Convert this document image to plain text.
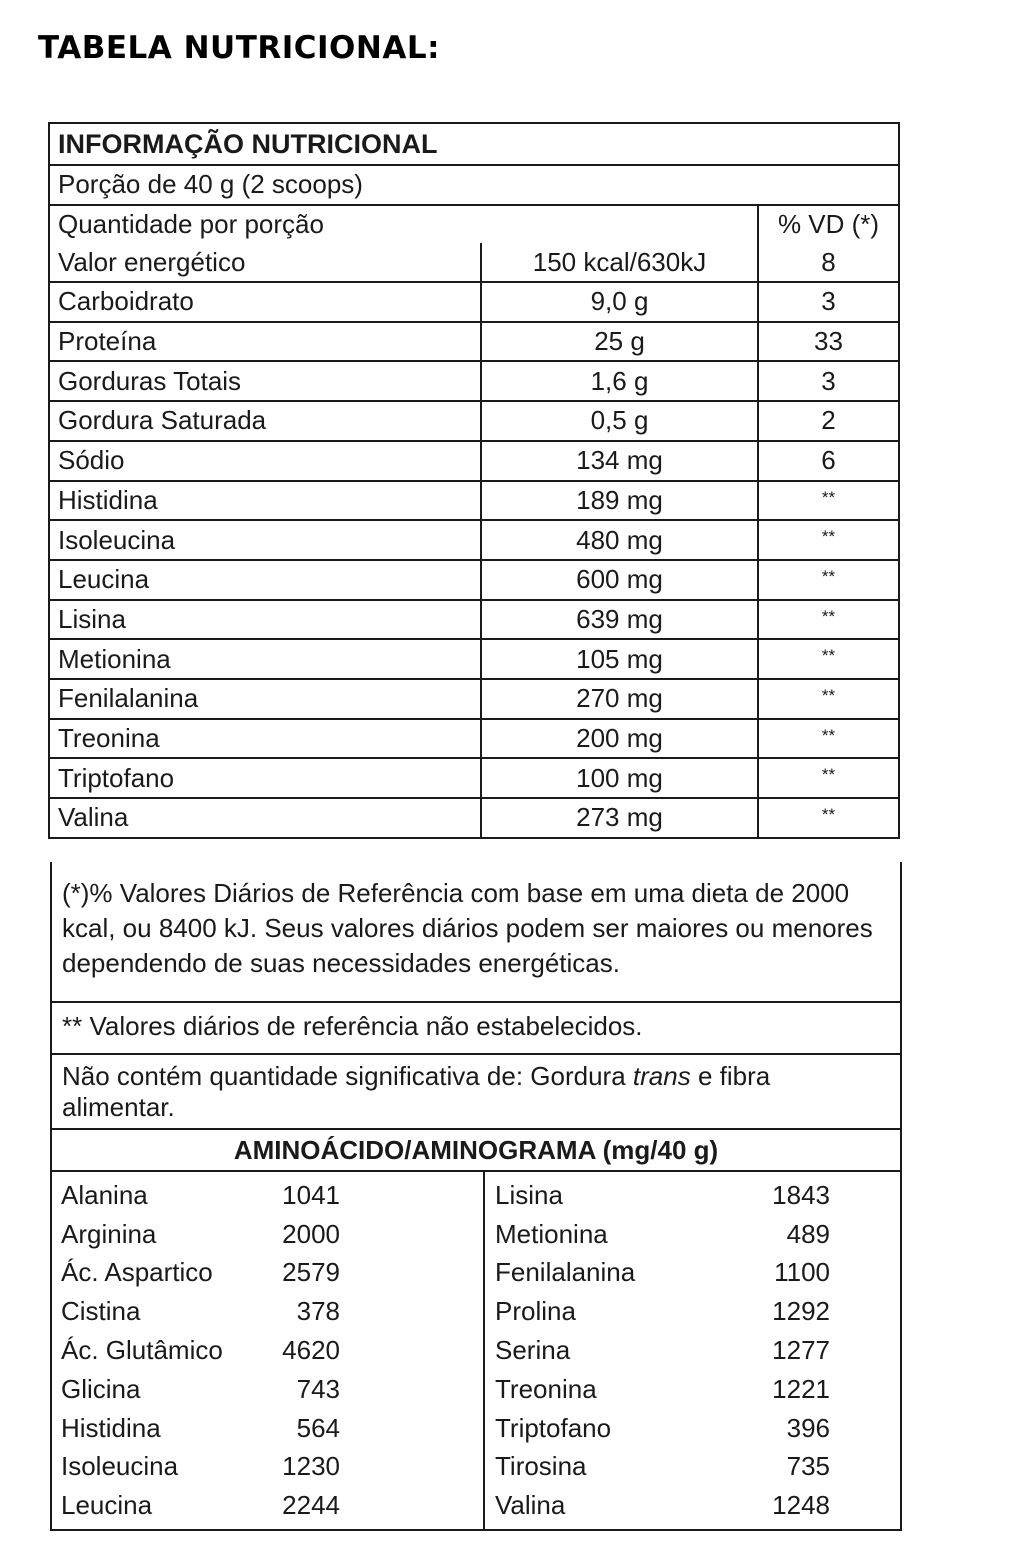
TABELA NUTRICIONAL:
INFORMAÇÃO NUTRICIONAL
Porção de 40 g (2 scoops)
Quantidade por porção	% VD (*)
Valor energético	150 kcal/630kJ	8
Carboidrato	9,0 g	3
Proteína	25 g	33
Gorduras Totais	1,6 g	3
Gordura Saturada	0,5 g	2
Sódio	134 mg	6
Histidina	189 mg	**
Isoleucina	480 mg	**
Leucina	600 mg	**
Lisina	639 mg	**
Metionina	105 mg	**
Fenilalanina	270 mg	**
Treonina	200 mg	**
Triptofano	100 mg	**
Valina	273 mg	**
(*)% Valores Diários de Referência com base em uma dieta de 2000 kcal, ou 8400 kJ. Seus valores diários podem ser maiores ou menores dependendo de suas necessidades energéticas.
** Valores diários de referência não estabelecidos.
Não contém quantidade significativa de: Gordura trans e fibra alimentar.
AMINOÁCIDO/AMINOGRAMA (mg/40 g)
Alanina	1041
Arginina	2000
Ác. Aspartico	2579
Cistina	378
Ác. Glutâmico	4620
Glicina	743
Histidina	564
Isoleucina	1230
Leucina	2244
Lisina	1843
Metionina	489
Fenilalanina	1100
Prolina	1292
Serina	1277
Treonina	1221
Triptofano	396
Tirosina	735
Valina	1248
